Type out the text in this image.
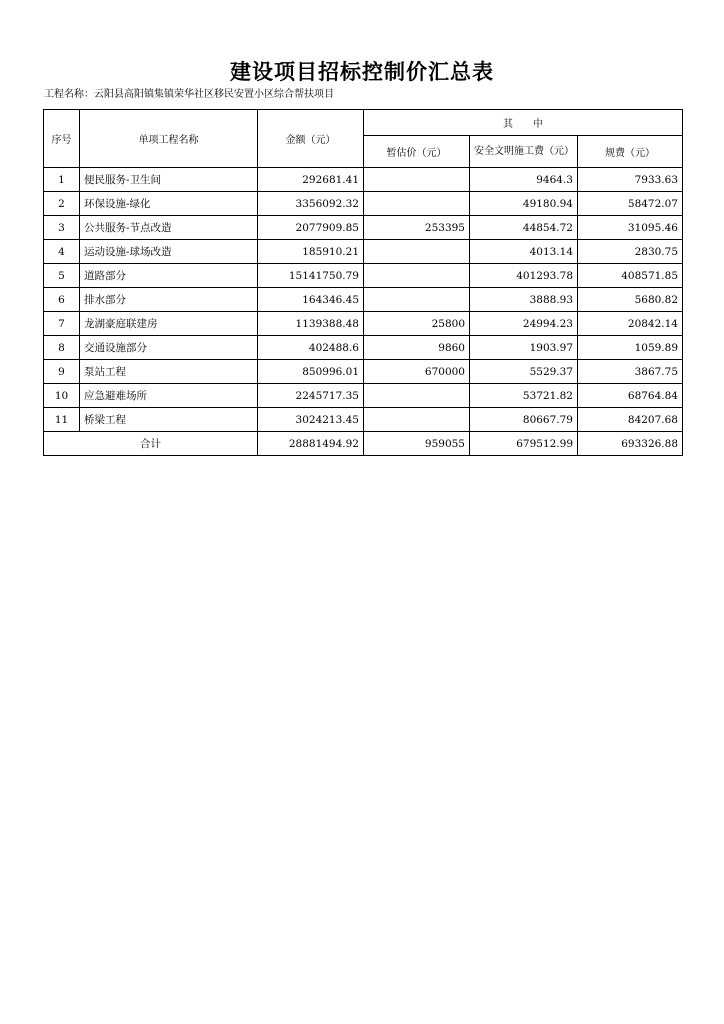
建设项目招标控制价汇总表
工程名称：云阳县高阳镇集镇荣华社区移民安置小区综合帮扶项目
序号	单项工程名称	金额（元）	其　　中		
			暂估价（元）	安全文明施工费（元）	规费（元）
1	便民服务-卫生间	292681.41		9464.3	7933.63
2	环保设施-绿化	3356092.32		49180.94	58472.07
3	公共服务-节点改造	2077909.85	253395	44854.72	31095.46
4	运动设施-球场改造	185910.21		4013.14	2830.75
5	道路部分	15141750.79		401293.78	408571.85
6	排水部分	164346.45		3888.93	5680.82
7	龙湖豪庭联建房	1139388.48	25800	24994.23	20842.14
8	交通设施部分	402488.6	9860	1903.97	1059.89
9	泵站工程	850996.01	670000	5529.37	3867.75
10	应急避难场所	2245717.35		53721.82	68764.84
11	桥梁工程	3024213.45		80667.79	84207.68
合计		28881494.92	959055	679512.99	693326.88
